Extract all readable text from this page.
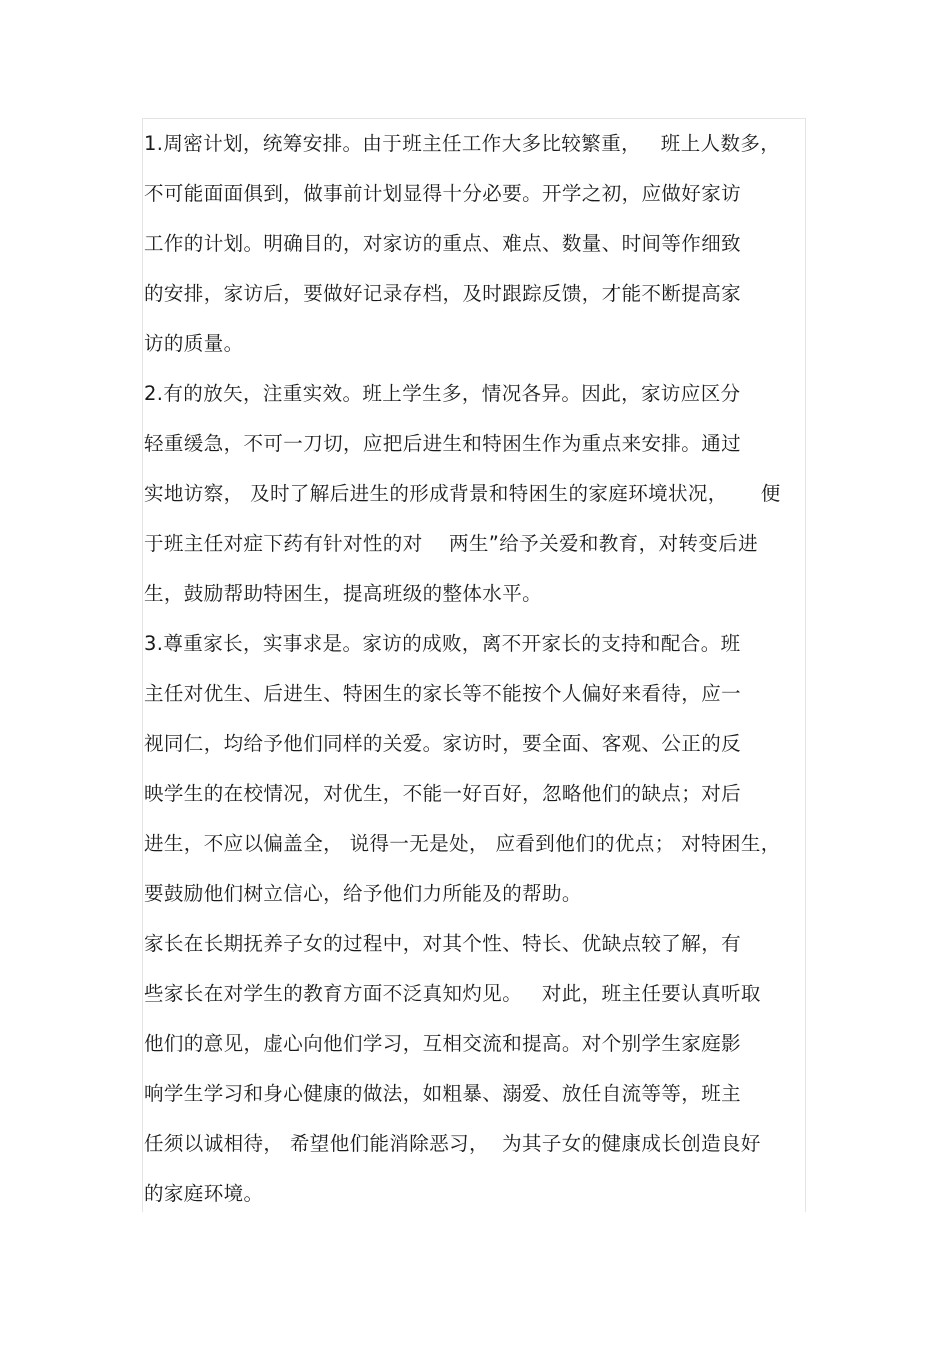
1.周密计划，统筹安排。由于班主任工作大多比较繁重，   班上人数多，
不可能面面俱到，做事前计划显得十分必要。开学之初，应做好家访
工作的计划。明确目的，对家访的重点、难点、数量、时间等作细致
的安排，家访后，要做好记录存档，及时跟踪反馈，才能不断提高家
访的质量。
2.有的放矢，注重实效。班上学生多，情况各异。因此，家访应区分
轻重缓急，不可一刀切，应把后进生和特困生作为重点来安排。通过
实地访察， 及时了解后进生的形成背景和特困生的家庭环境状况，     便
于班主任对症下药有针对性的对    两生”给予关爱和教育，对转变后进
生，鼓励帮助特困生，提高班级的整体水平。
3.尊重家长，实事求是。家访的成败，离不开家长的支持和配合。班
主任对优生、后进生、特困生的家长等不能按个人偏好来看待，应一
视同仁，均给予他们同样的关爱。家访时，要全面、客观、公正的反
映学生的在校情况，对优生，不能一好百好，忽略他们的缺点；对后
进生，不应以偏盖全， 说得一无是处， 应看到他们的优点； 对特困生，
要鼓励他们树立信心，给予他们力所能及的帮助。
家长在长期抚养子女的过程中，对其个性、特长、优缺点较了解，有
些家长在对学生的教育方面不泛真知灼见。   对此，班主任要认真听取
他们的意见，虚心向他们学习，互相交流和提高。对个别学生家庭影
响学生学习和身心健康的做法，如粗暴、溺爱、放任自流等等，班主
任须以诚相待， 希望他们能消除恶习，  为其子女的健康成长创造良好
的家庭环境。
